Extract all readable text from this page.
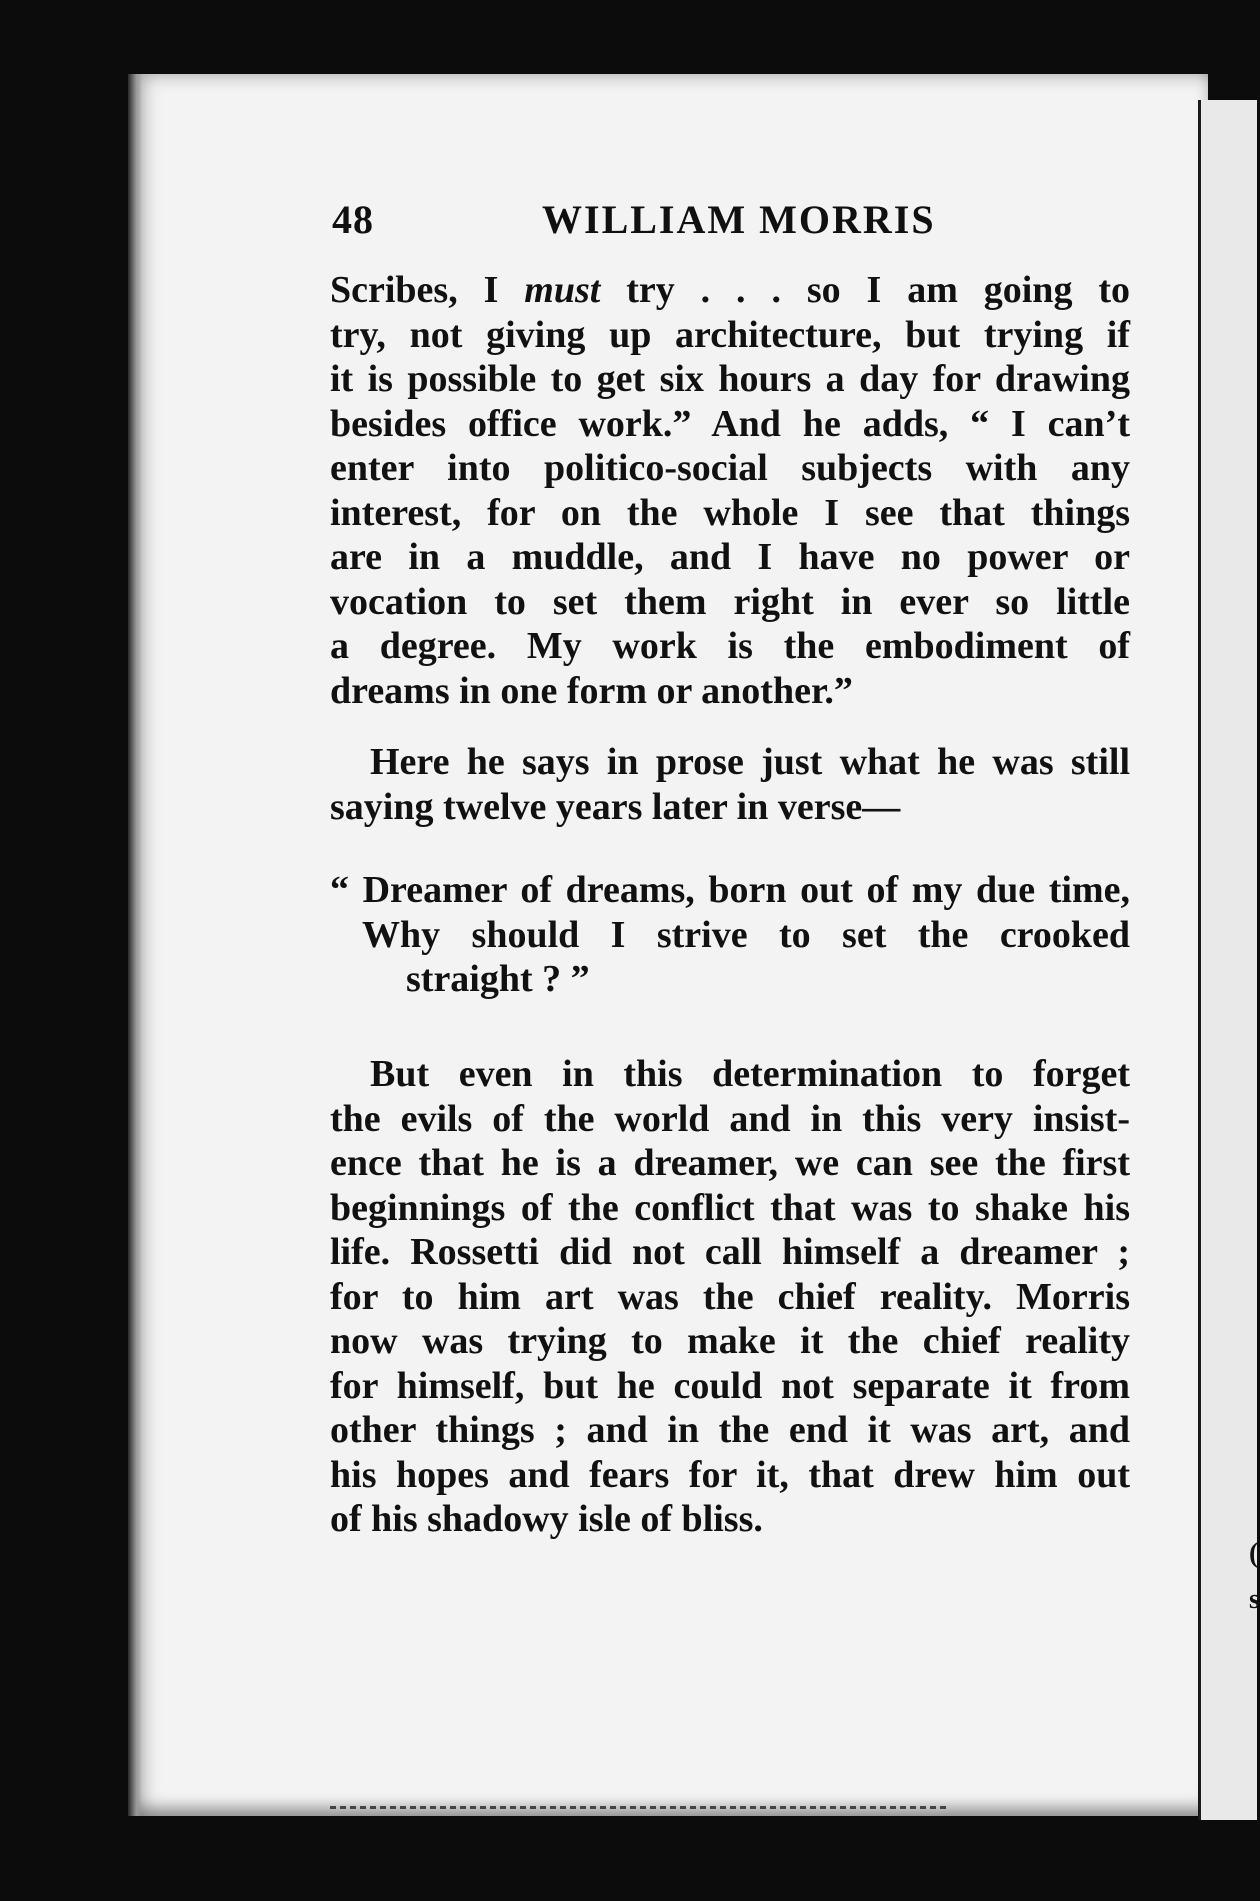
(
s
48	WILLIAM MORRIS
Scribes, I must try . . . so I am going to
try, not giving up architecture, but trying if
it is possible to get six hours a day for drawing
besides office work.” And he adds, “ I can’t
enter into politico-social subjects with any
interest, for on the whole I see that things
are in a muddle, and I have no power or
vocation to set them right in ever so little
a degree. My work is the embodiment of
dreams in one form or another.”
Here he says in prose just what he was still
saying twelve years later in verse—
“ Dreamer of dreams, born out of my due time,
Why should I strive to set the crooked
straight ? ”
But even in this determination to forget
the evils of the world and in this very insist-
ence that he is a dreamer, we can see the first
beginnings of the conflict that was to shake his
life. Rossetti did not call himself a dreamer ;
for to him art was the chief reality. Morris
now was trying to make it the chief reality
for himself, but he could not separate it from
other things ; and in the end it was art, and
his hopes and fears for it, that drew him out
of his shadowy isle of bliss.
